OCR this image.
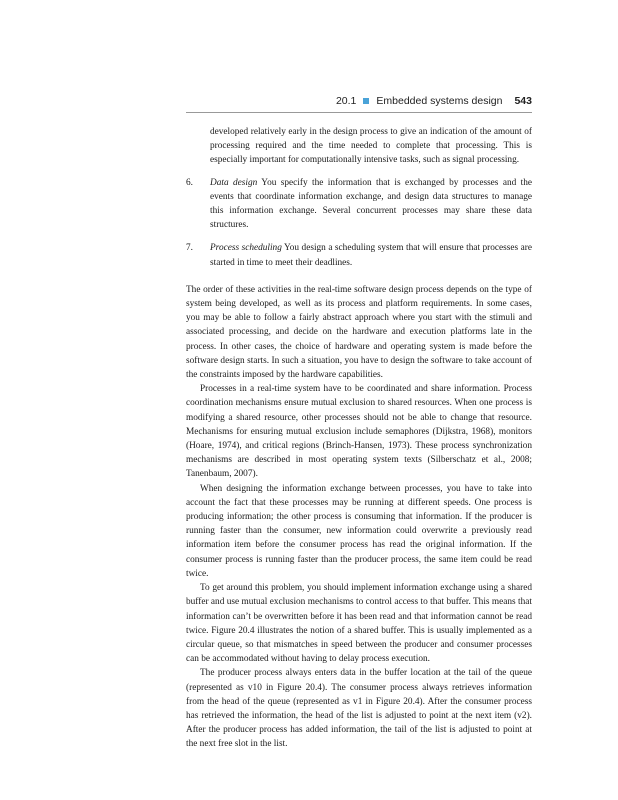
20.1 Embedded systems design 543

developed relatively early in the design process to give an indication of the amount of processing required and the time needed to complete that processing. This is especially important for computationally intensive tasks, such as signal processing.

6.	Data design You specify the information that is exchanged by processes and the events that coordinate information exchange, and design data structures to manage this information exchange. Several concurrent processes may share these data structures.
7.	Process scheduling You design a scheduling system that will ensure that processes are started in time to meet their deadlines.

The order of these activities in the real-time software design process depends on the type of system being developed, as well as its process and platform requirements. In some cases, you may be able to follow a fairly abstract approach where you start with the stimuli and associated processing, and decide on the hardware and execution platforms late in the process. In other cases, the choice of hardware and operating system is made before the software design starts. In such a situation, you have to design the software to take account of the constraints imposed by the hardware capabilities.

Processes in a real-time system have to be coordinated and share information. Process coordination mechanisms ensure mutual exclusion to shared resources. When one process is modifying a shared resource, other processes should not be able to change that resource. Mechanisms for ensuring mutual exclusion include semaphores (Dijkstra, 1968), monitors (Hoare, 1974), and critical regions (Brinch-Hansen, 1973). These process synchronization mechanisms are described in most operating system texts (Silberschatz et al., 2008; Tanenbaum, 2007).

When designing the information exchange between processes, you have to take into account the fact that these processes may be running at different speeds. One process is producing information; the other process is consuming that information. If the producer is running faster than the consumer, new information could overwrite a previously read information item before the consumer process has read the original information. If the consumer process is running faster than the producer process, the same item could be read twice.

To get around this problem, you should implement information exchange using a shared buffer and use mutual exclusion mechanisms to control access to that buffer. This means that information can’t be overwritten before it has been read and that information cannot be read twice. Figure 20.4 illustrates the notion of a shared buffer. This is usually implemented as a circular queue, so that mismatches in speed between the producer and consumer processes can be accommodated without having to delay process execution.

The producer process always enters data in the buffer location at the tail of the queue (represented as v10 in Figure 20.4). The consumer process always retrieves information from the head of the queue (represented as v1 in Figure 20.4). After the consumer process has retrieved the information, the head of the list is adjusted to point at the next item (v2). After the producer process has added information, the tail of the list is adjusted to point at the next free slot in the list.
